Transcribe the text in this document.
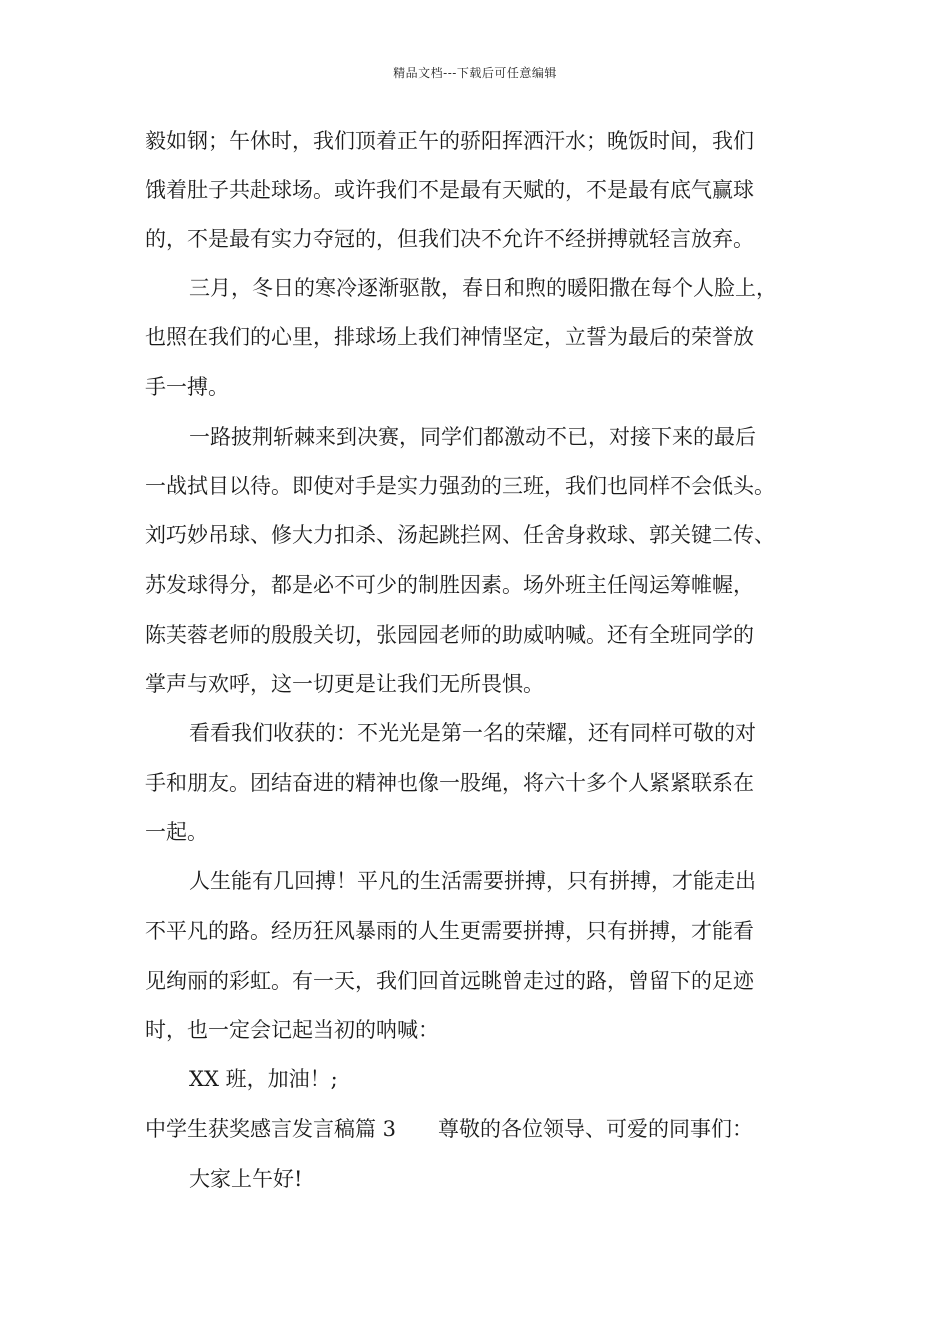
精品文档---下载后可任意编辑
毅如钢；午休时，我们顶着正午的骄阳挥洒汗水；晚饭时间，我们
饿着肚子共赴球场。或许我们不是最有天赋的，不是最有底气赢球
的，不是最有实力夺冠的，但我们决不允许不经拼搏就轻言放弃。
三月，冬日的寒冷逐渐驱散，春日和煦的暖阳撒在每个人脸上，
也照在我们的心里，排球场上我们神情坚定，立誓为最后的荣誉放
手一搏。
一路披荆斩棘来到决赛，同学们都激动不已，对接下来的最后
一战拭目以待。即使对手是实力强劲的三班，我们也同样不会低头。
刘巧妙吊球、修大力扣杀、汤起跳拦网、任舍身救球、郭关键二传、
苏发球得分，都是必不可少的制胜因素。场外班主任闯运筹帷幄，
陈芙蓉老师的殷殷关切，张园园老师的助威呐喊。还有全班同学的
掌声与欢呼，这一切更是让我们无所畏惧。
看看我们收获的：不光光是第一名的荣耀，还有同样可敬的对
手和朋友。团结奋进的精神也像一股绳，将六十多个人紧紧联系在
一起。
人生能有几回搏！平凡的生活需要拼搏，只有拼搏，才能走出
不平凡的路。经历狂风暴雨的人生更需要拼搏，只有拼搏，才能看
见绚丽的彩虹。有一天，我们回首远眺曾走过的路，曾留下的足迹
时，也一定会记起当初的呐喊：
XX 班，加油！;
中学生获奖感言发言稿篇 3 尊敬的各位领导、可爱的同事们：
大家上午好!
